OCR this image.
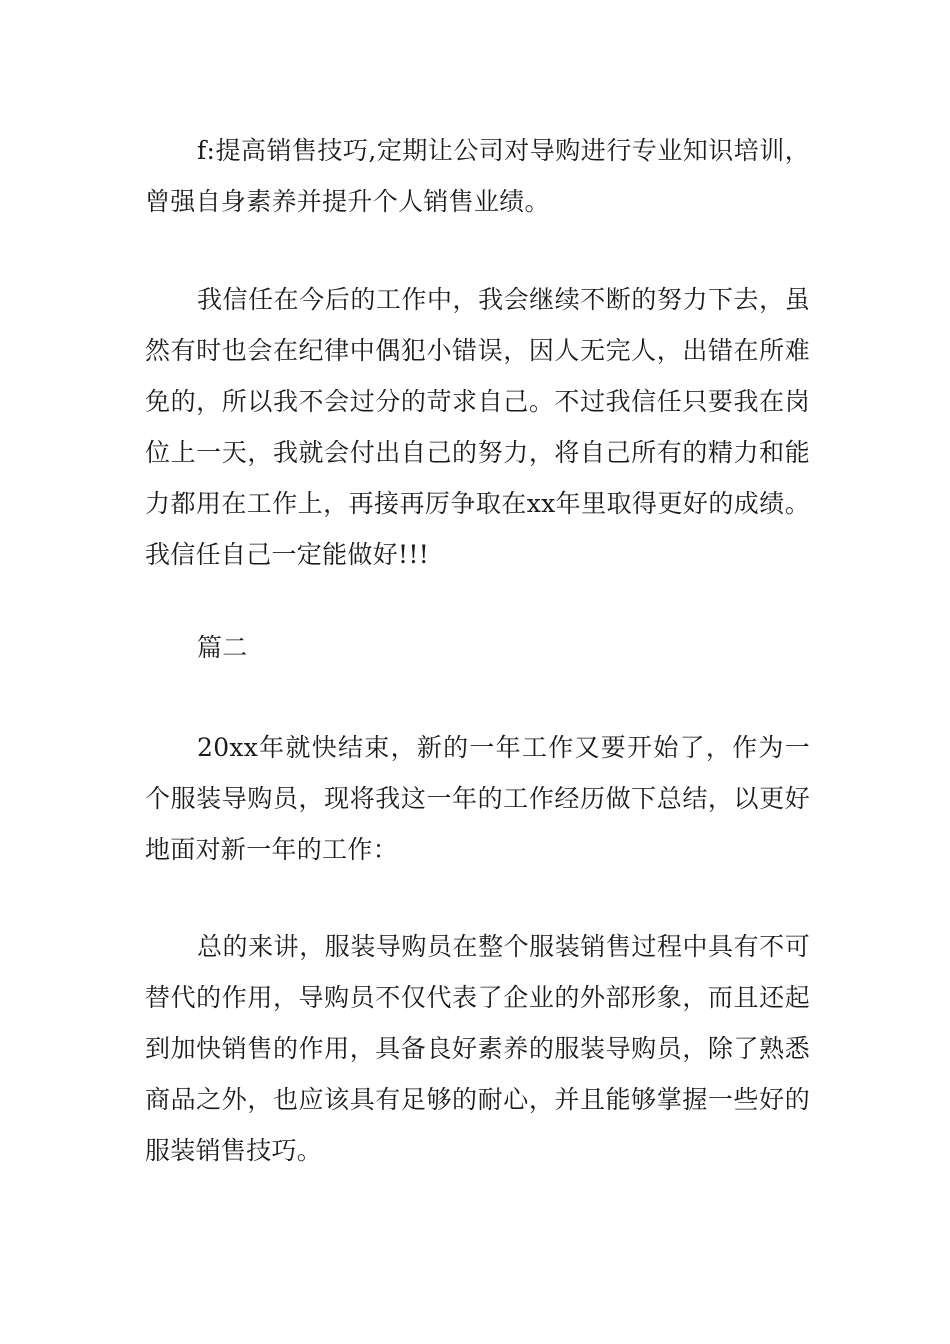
f:提高销售技巧,定期让公司对导购进行专业知识培训，曾强自身素养并提升个人销售业绩。

我信任在今后的工作中，我会继续不断的努力下去，虽然有时也会在纪律中偶犯小错误，因人无完人，出错在所难免的，所以我不会过分的苛求自己。不过我信任只要我在岗位上一天，我就会付出自己的努力，将自己所有的精力和能力都用在工作上，再接再厉争取在xx年里取得更好的成绩。我信任自己一定能做好!!!

篇二

20xx年就快结束，新的一年工作又要开始了，作为一个服装导购员，现将我这一年的工作经历做下总结，以更好地面对新一年的工作：

总的来讲，服装导购员在整个服装销售过程中具有不可替代的作用，导购员不仅代表了企业的外部形象，而且还起到加快销售的作用，具备良好素养的服装导购员，除了熟悉商品之外，也应该具有足够的耐心，并且能够掌握一些好的服装销售技巧。
